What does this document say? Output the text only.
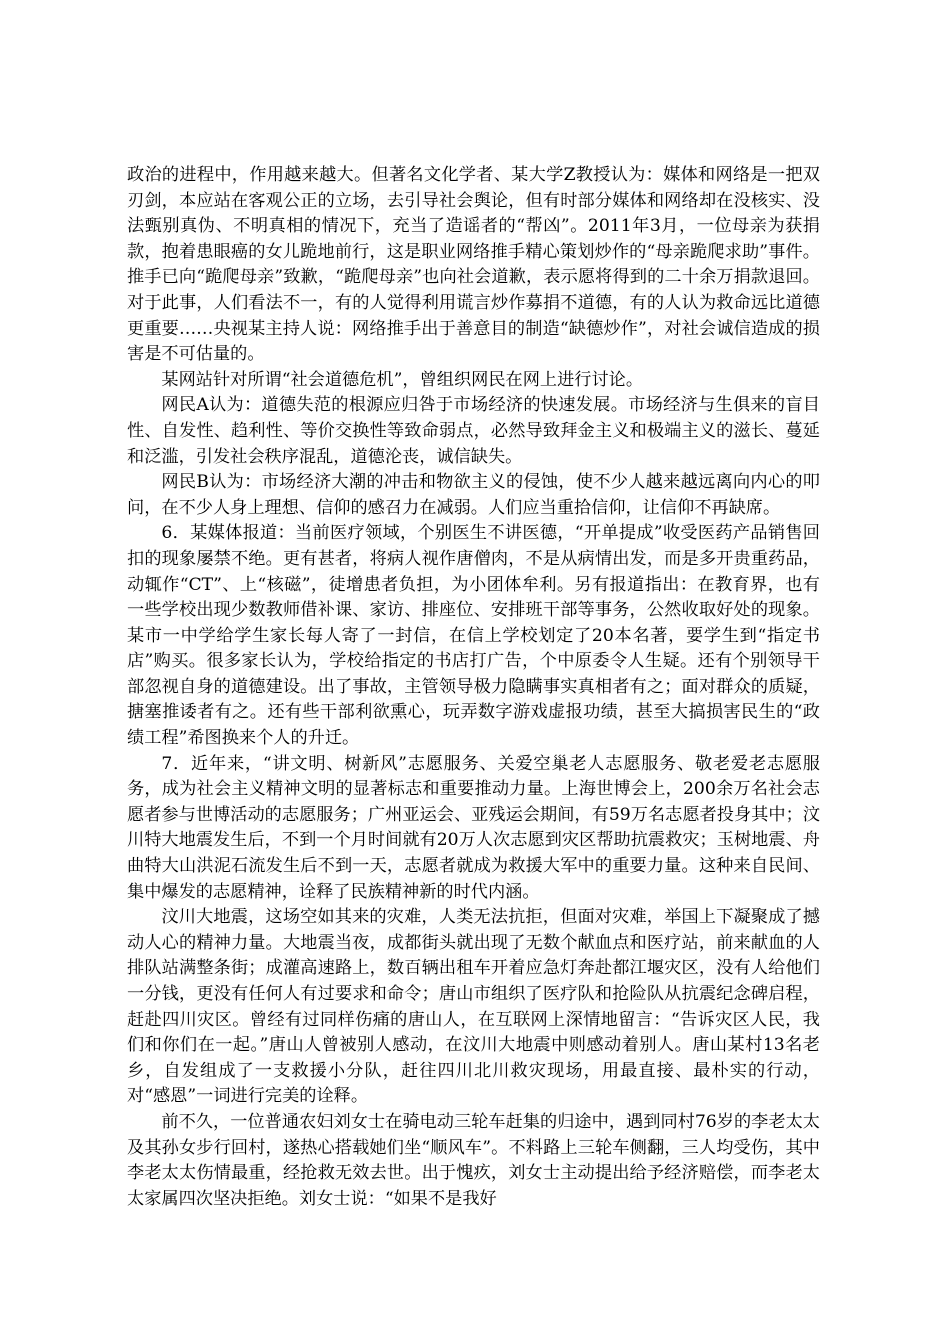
政治的进程中，作用越来越大。但著名文化学者、某大学Z教授认为：媒体和网络是一把双刃剑，本应站在客观公正的立场，去引导社会舆论，但有时部分媒体和网络却在没核实、没法甄别真伪、不明真相的情况下，充当了造谣者的“帮凶”。2011年3月，一位母亲为获捐款，抱着患眼癌的女儿跪地前行，这是职业网络推手精心策划炒作的“母亲跪爬求助”事件。推手已向“跪爬母亲”致歉，“跪爬母亲”也向社会道歉，表示愿将得到的二十余万捐款退回。对于此事，人们看法不一，有的人觉得利用谎言炒作募捐不道德，有的人认为救命远比道德更重要……央视某主持人说：网络推手出于善意目的制造“缺德炒作”，对社会诚信造成的损害是不可估量的。

某网站针对所谓“社会道德危机”，曾组织网民在网上进行讨论。

网民A认为：道德失范的根源应归咎于市场经济的快速发展。市场经济与生俱来的盲目性、自发性、趋利性、等价交换性等致命弱点，必然导致拜金主义和极端主义的滋长、蔓延和泛滥，引发社会秩序混乱，道德沦丧，诚信缺失。

网民B认为：市场经济大潮的冲击和物欲主义的侵蚀，使不少人越来越远离向内心的叩问，在不少人身上理想、信仰的感召力在减弱。人们应当重拾信仰，让信仰不再缺席。

6．某媒体报道：当前医疗领域，个别医生不讲医德，“开单提成”收受医药产品销售回扣的现象屡禁不绝。更有甚者，将病人视作唐僧肉，不是从病情出发，而是多开贵重药品，动辄作“CT”、上“核磁”，徒增患者负担，为小团体牟利。另有报道指出：在教育界，也有一些学校出现少数教师借补课、家访、排座位、安排班干部等事务，公然收取好处的现象。某市一中学给学生家长每人寄了一封信，在信上学校划定了20本名著，要学生到“指定书店”购买。很多家长认为，学校给指定的书店打广告，个中原委令人生疑。还有个别领导干部忽视自身的道德建设。出了事故，主管领导极力隐瞒事实真相者有之；面对群众的质疑，搪塞推诿者有之。还有些干部利欲熏心，玩弄数字游戏虚报功绩，甚至大搞损害民生的“政绩工程”希图换来个人的升迁。

7．近年来，“讲文明、树新风”志愿服务、关爱空巢老人志愿服务、敬老爱老志愿服务，成为社会主义精神文明的显著标志和重要推动力量。上海世博会上，200余万名社会志愿者参与世博活动的志愿服务；广州亚运会、亚残运会期间，有59万名志愿者投身其中；汶川特大地震发生后，不到一个月时间就有20万人次志愿到灾区帮助抗震救灾；玉树地震、舟曲特大山洪泥石流发生后不到一天，志愿者就成为救援大军中的重要力量。这种来自民间、集中爆发的志愿精神，诠释了民族精神新的时代内涵。

汶川大地震，这场空如其来的灾难，人类无法抗拒，但面对灾难，举国上下凝聚成了撼动人心的精神力量。大地震当夜，成都街头就出现了无数个献血点和医疗站，前来献血的人排队站满整条街；成灌高速路上，数百辆出租车开着应急灯奔赴都江堰灾区，没有人给他们一分钱，更没有任何人有过要求和命令；唐山市组织了医疗队和抢险队从抗震纪念碑启程，赶赴四川灾区。曾经有过同样伤痛的唐山人，在互联网上深情地留言：“告诉灾区人民，我们和你们在一起。”唐山人曾被别人感动，在汶川大地震中则感动着别人。唐山某村13名老乡，自发组成了一支救援小分队，赶往四川北川救灾现场，用最直接、最朴实的行动，对“感恩”一词进行完美的诠释。

前不久，一位普通农妇刘女士在骑电动三轮车赶集的归途中，遇到同村76岁的李老太太及其孙女步行回村，遂热心搭载她们坐“顺风车”。不料路上三轮车侧翻，三人均受伤，其中李老太太伤情最重，经抢救无效去世。出于愧疚，刘女士主动提出给予经济赔偿，而李老太太家属四次坚决拒绝。刘女士说：“如果不是我好
